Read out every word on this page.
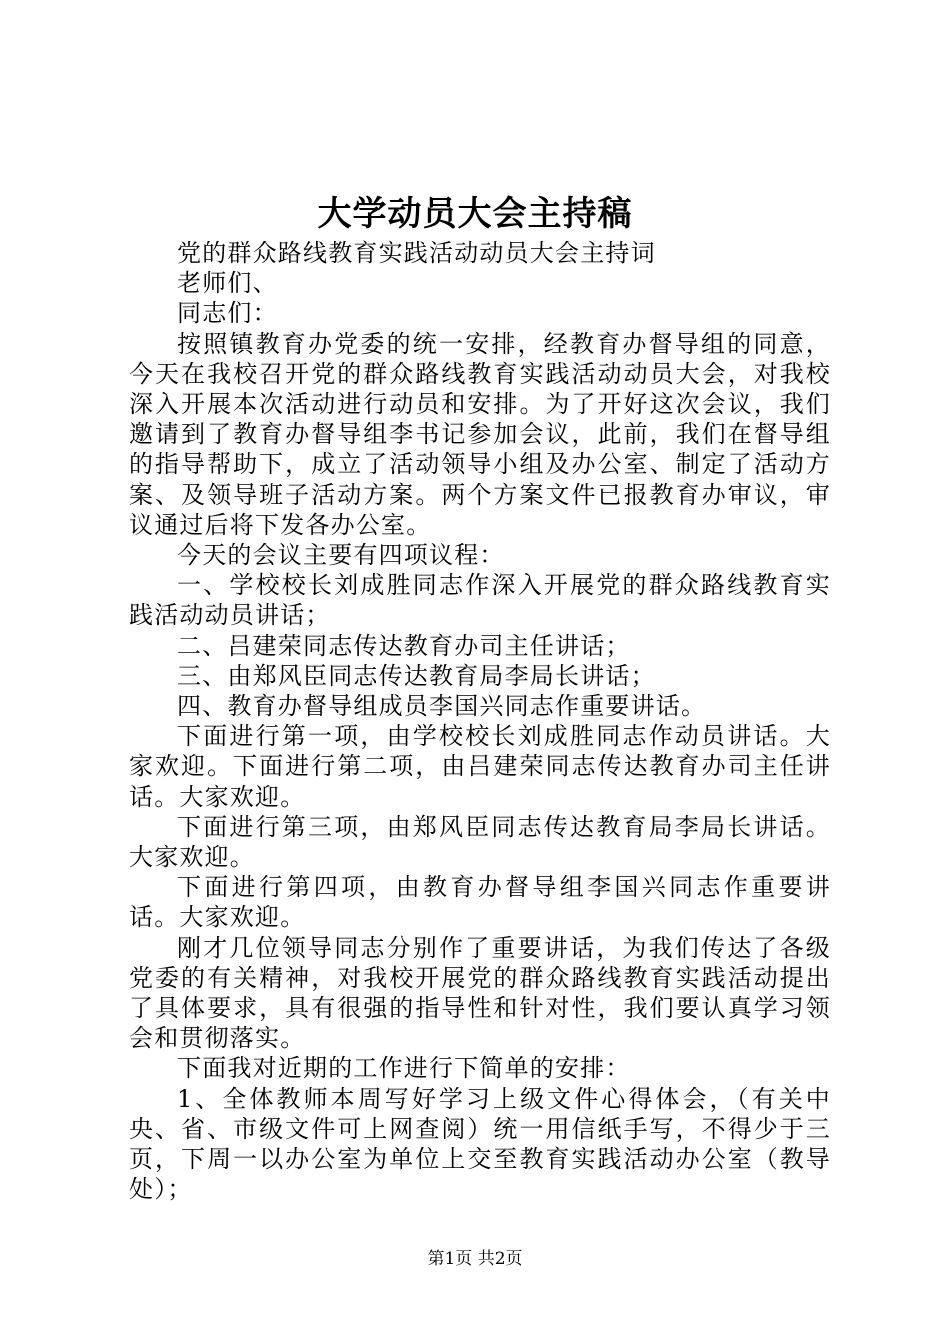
大学动员大会主持稿

党的群众路线教育实践活动动员大会主持词

老师们、

同志们：

按照镇教育办党委的统一安排，经教育办督导组的同意，今天在我校召开党的群众路线教育实践活动动员大会，对我校深入开展本次活动进行动员和安排。为了开好这次会议，我们邀请到了教育办督导组李书记参加会议，此前，我们在督导组的指导帮助下，成立了活动领导小组及办公室、制定了活动方案、及领导班子活动方案。两个方案文件已报教育办审议，审议通过后将下发各办公室。

今天的会议主要有四项议程：

一、学校校长刘成胜同志作深入开展党的群众路线教育实践活动动员讲话；

二、吕建荣同志传达教育办司主任讲话；

三、由郑风臣同志传达教育局李局长讲话；

四、教育办督导组成员李国兴同志作重要讲话。

下面进行第一项，由学校校长刘成胜同志作动员讲话。大家欢迎。下面进行第二项，由吕建荣同志传达教育办司主任讲话。大家欢迎。

下面进行第三项，由郑风臣同志传达教育局李局长讲话。大家欢迎。

下面进行第四项，由教育办督导组李国兴同志作重要讲话。大家欢迎。

刚才几位领导同志分别作了重要讲话，为我们传达了各级党委的有关精神，对我校开展党的群众路线教育实践活动提出了具体要求，具有很强的指导性和针对性，我们要认真学习领会和贯彻落实。

下面我对近期的工作进行下简单的安排：

1、全体教师本周写好学习上级文件心得体会，（有关中央、省、市级文件可上网查阅）统一用信纸手写，不得少于三页，下周一以办公室为单位上交至教育实践活动办公室（教导处）；

第1页 共2页
